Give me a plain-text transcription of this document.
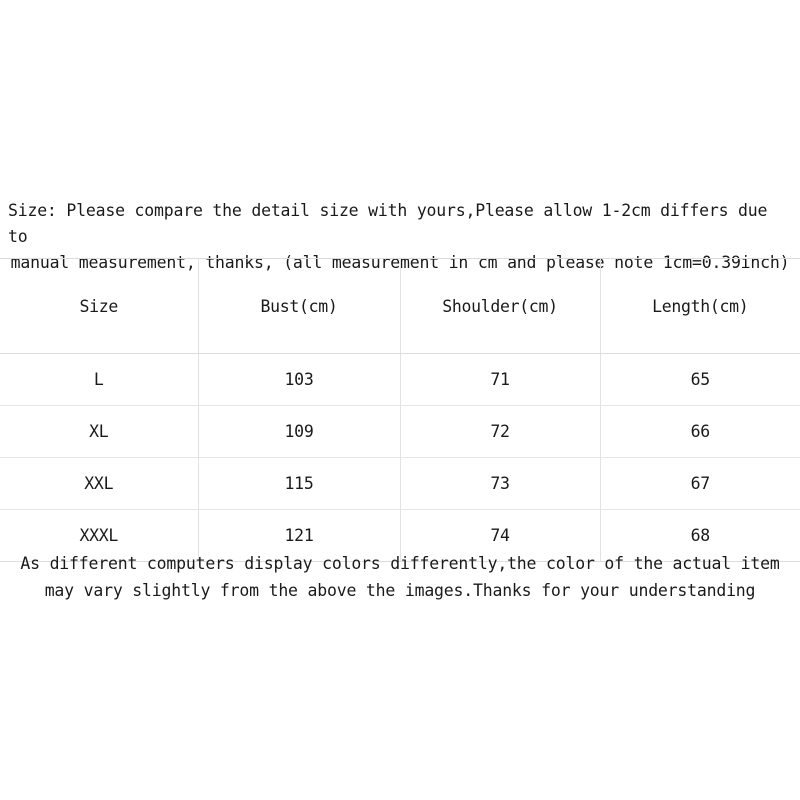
Size: Please compare the detail size with yours,Please allow 1-2cm differs due to
manual measurement, thanks, (all measurement in cm and please note 1cm=0.39inch)
Size	Bust(cm)	Shoulder(cm)	Length(cm)
L	103	71	65
XL	109	72	66
XXL	115	73	67
XXXL	121	74	68
As different computers display colors differently,the color of the actual item
may vary slightly from the above the images.Thanks for your understanding
